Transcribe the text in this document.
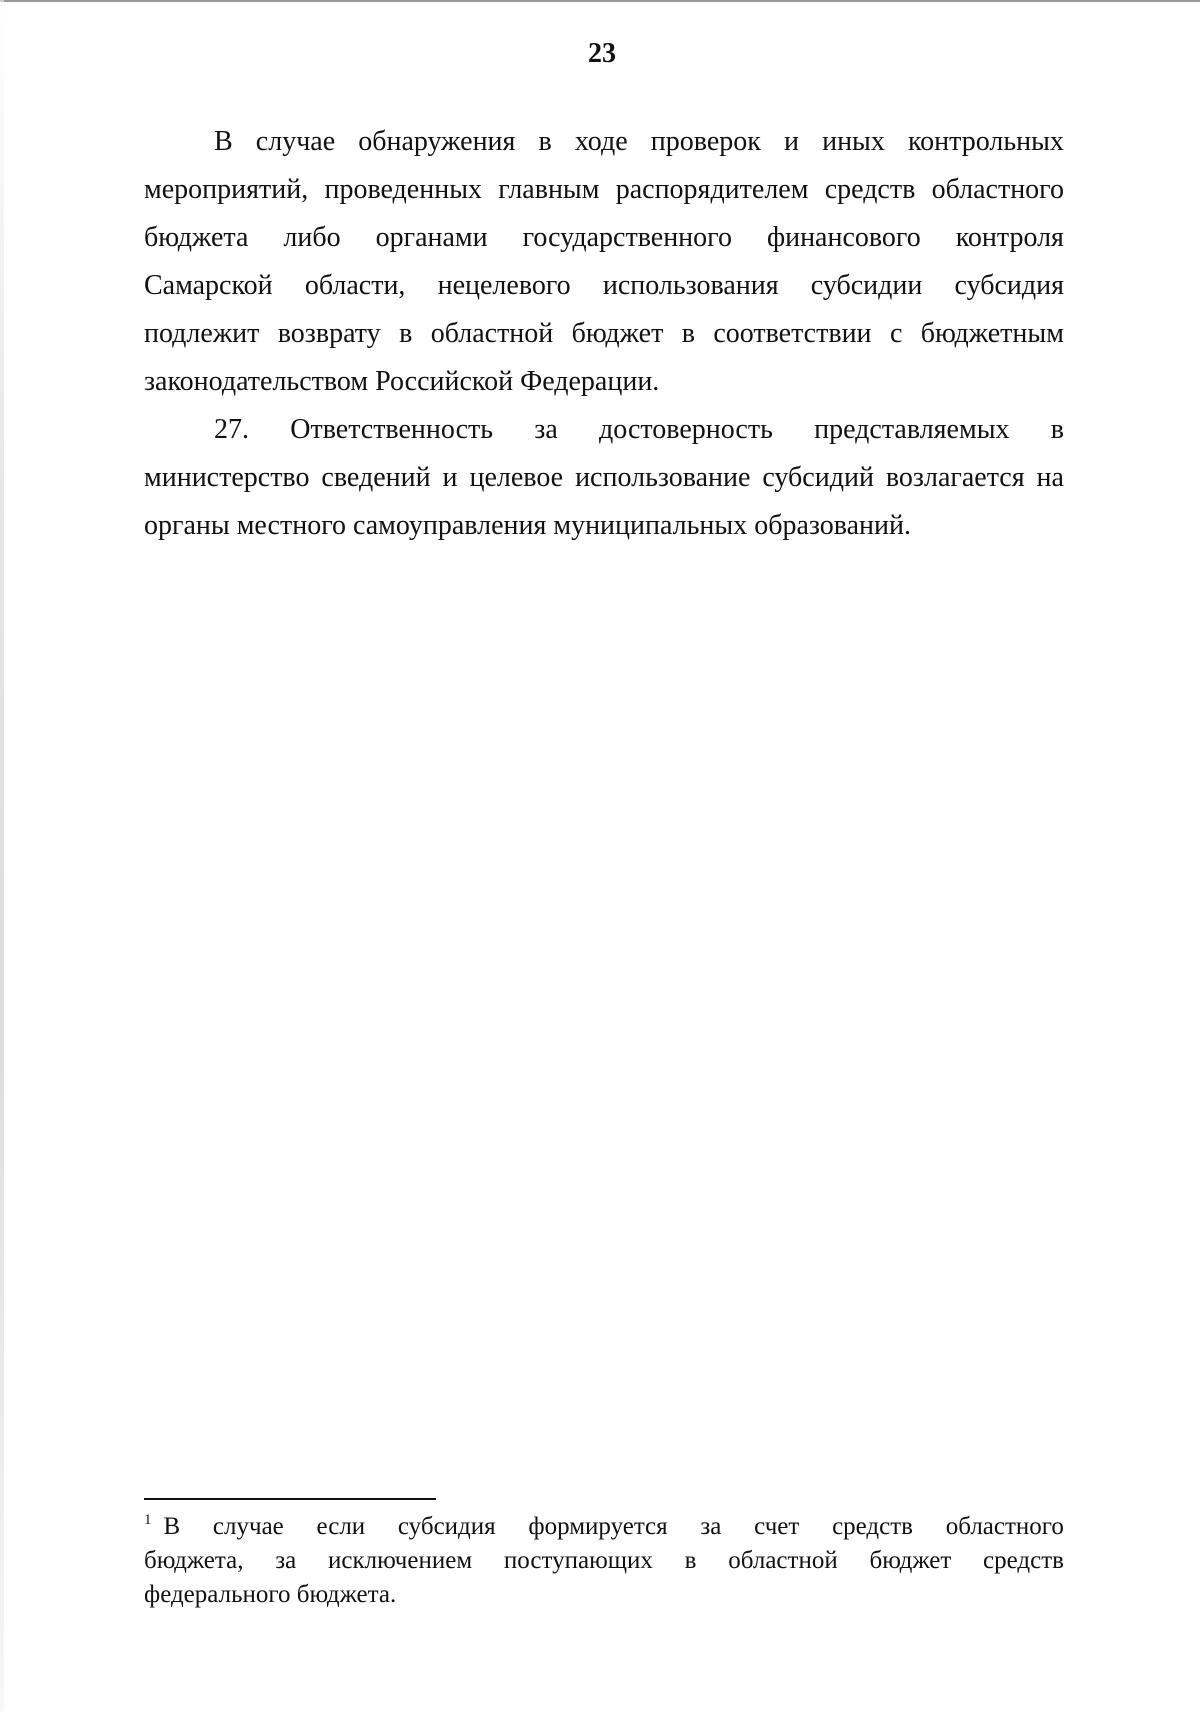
23
В случае обнаружения в ходе проверок и иных контрольных
мероприятий, проведенных главным распорядителем средств областного
бюджета либо органами государственного финансового контроля
Самарской области, нецелевого использования субсидии субсидия
подлежит возврату в областной бюджет в соответствии с бюджетным
законодательством Российской Федерации.
27. Ответственность за достоверность представляемых в
министерство сведений и целевое использование субсидий возлагается на
органы местного самоуправления муниципальных образований.
1 В случае если субсидия формируется за счет средств областного
бюджета, за исключением поступающих в областной бюджет средств
федерального бюджета.
